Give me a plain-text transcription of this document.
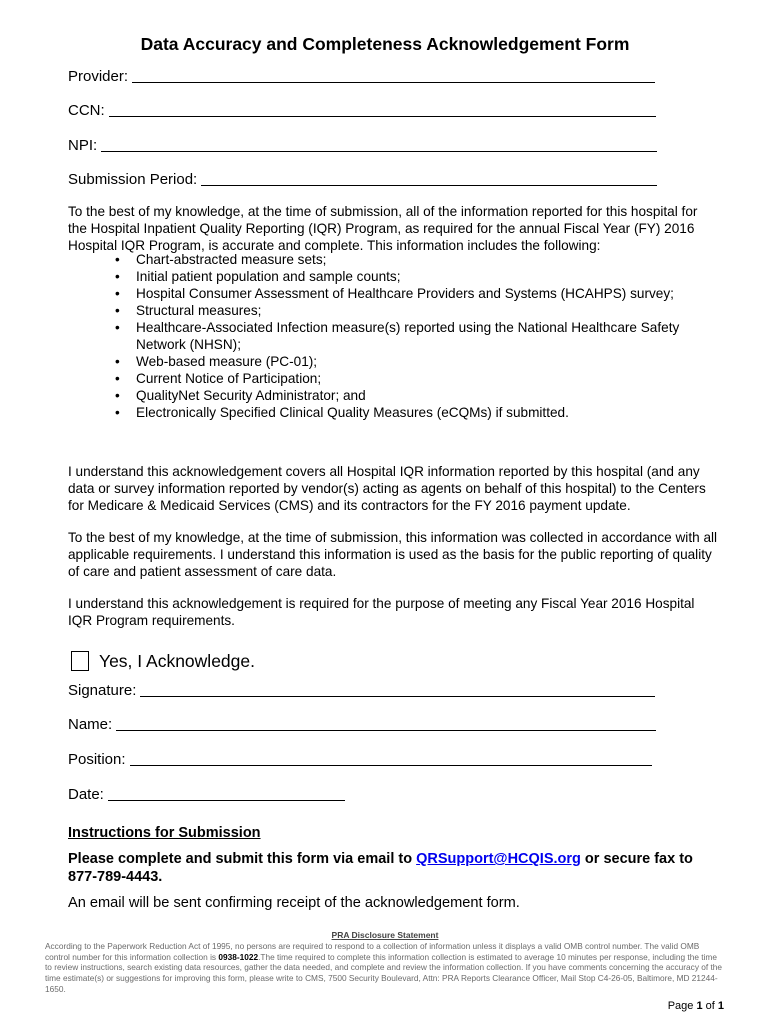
Data Accuracy and Completeness Acknowledgement Form
Provider:
CCN:
NPI:
Submission Period:

To the best of my knowledge, at the time of submission, all of the information reported for this hospital for the Hospital Inpatient Quality Reporting (IQR) Program, as required for the annual Fiscal Year (FY) 2016 Hospital IQR Program, is accurate and complete. This information includes the following:

• Chart-abstracted measure sets;
• Initial patient population and sample counts;
• Hospital Consumer Assessment of Healthcare Providers and Systems (HCAHPS) survey;
• Structural measures;
• Healthcare-Associated Infection measure(s) reported using the National Healthcare Safety Network (NHSN);
• Web-based measure (PC-01);
• Current Notice of Participation;
• QualityNet Security Administrator; and
• Electronically Specified Clinical Quality Measures (eCQMs) if submitted.

I understand this acknowledgement covers all Hospital IQR information reported by this hospital (and any data or survey information reported by vendor(s) acting as agents on behalf of this hospital) to the Centers for Medicare & Medicaid Services (CMS) and its contractors for the FY 2016 payment update.

To the best of my knowledge, at the time of submission, this information was collected in accordance with all applicable requirements. I understand this information is used as the basis for the public reporting of quality of care and patient assessment of care data.

I understand this acknowledgement is required for the purpose of meeting any Fiscal Year 2016 Hospital IQR Program requirements.

Yes, I Acknowledge.
Signature:
Name:
Position:
Date:
Instructions for Submission

Please complete and submit this form via email to QRSupport@HCQIS.org or secure fax to 877-789-4443.

An email will be sent confirming receipt of the acknowledgement form.
PRA Disclosure Statement

According to the Paperwork Reduction Act of 1995, no persons are required to respond to a collection of information unless it displays a valid OMB control number. The valid OMB control number for this information collection is 0938-1022.The time required to complete this information collection is estimated to average 10 minutes per response, including the time to review instructions, search existing data resources, gather the data needed, and complete and review the information collection. If you have comments concerning the accuracy of the time estimate(s) or suggestions for improving this form, please write to CMS, 7500 Security Boulevard, Attn: PRA Reports Clearance Officer, Mail Stop C4-26-05, Baltimore, MD 21244-1650.

Page 1 of 1
